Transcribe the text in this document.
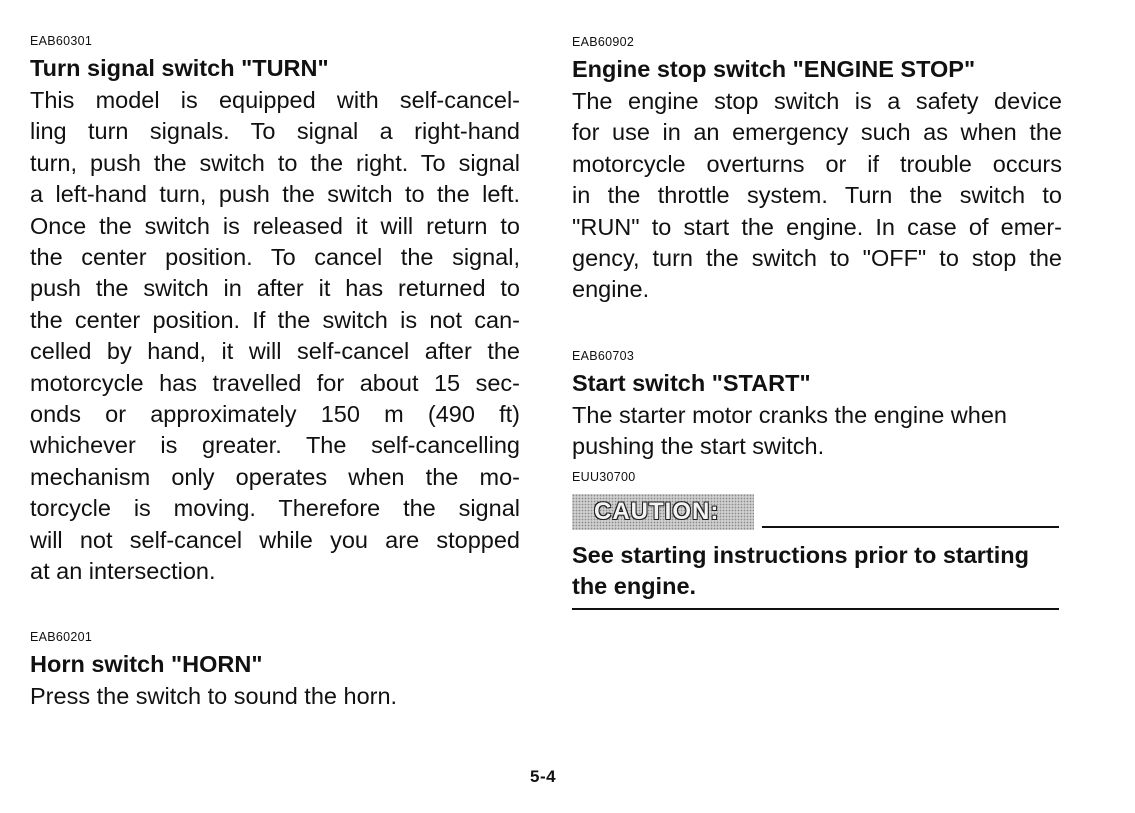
EAB60301
Turn signal switch "TURN"
This model is equipped with self-cancel-
ling turn signals. To signal a right-hand
turn, push the switch to the right. To signal
a left-hand turn, push the switch to the left.
Once the switch is released it will return to
the center position. To cancel the signal,
push the switch in after it has returned to
the center position. If the switch is not can-
celled by hand, it will self-cancel after the
motorcycle has travelled for about 15 sec-
onds or approximately 150 m (490 ft)
whichever is greater. The self-cancelling
mechanism only operates when the mo-
torcycle is moving. Therefore the signal
will not self-cancel while you are stopped
at an intersection.
EAB60201
Horn switch "HORN"
Press the switch to sound the horn.
EAB60902
Engine stop switch "ENGINE STOP"
The engine stop switch is a safety device
for use in an emergency such as when the
motorcycle overturns or if trouble occurs
in the throttle system. Turn the switch to
"RUN" to start the engine. In case of emer-
gency, turn the switch to "OFF" to stop the
engine.
EAB60703
Start switch "START"
The starter motor cranks the engine when
pushing the start switch.
EUU30700
CAUTION:
See starting instructions prior to starting
the engine.
5-4
